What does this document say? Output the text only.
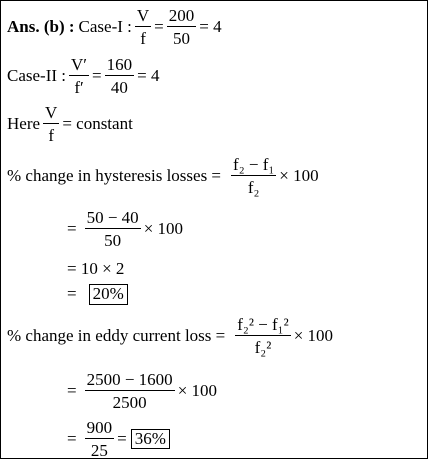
Ans. (b) : Case-I : $\frac{V}{f} = \frac{200}{50} = 4$
Case-II : $\frac{V'}{f'} = \frac{160}{40} = 4$
Here $\frac{V}{f}$ = constant
% change in hysteresis losses = $\frac{\text{f₂ − f₁}}{\text{f₂}} \times 100$
= $\frac{50 - 40}{50} \times 100$
= 10 × 2
= 20%
% change in eddy current loss = $\frac{\text{f₂² − f₁²}}{\text{f₂²}} \times 100$
= $\frac{2500 - 1600}{2500} \times 100$
= $\frac{900}{25} = 36\%$
